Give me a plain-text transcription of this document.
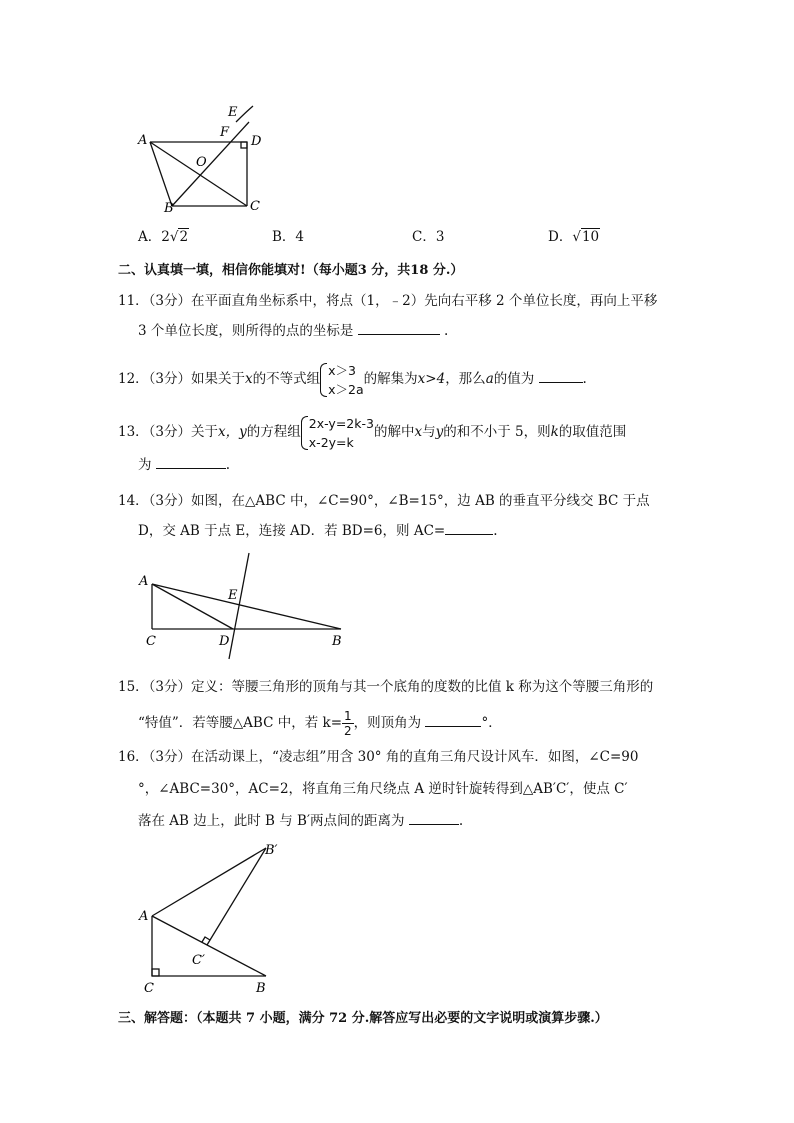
A
B	C
D
E
F
O
A．2√2	B．4	C．3	D．√10
二、认真填一填，相信你能填对!（每小题3 分，共18 分.）
11．（3分）在平面直角坐标系中，将点（1，﹣2）先向右平移 2 个单位长度，再向上平移
3 个单位长度，则所得的点的坐标是	.
12．（3分）如果关于x的不等式组
x＞3
x＞2a
的解集为x>4，那么a的值为	.
13．（3分）关于x，y的方程组
2x-y=2k-3
x-2y=k
的解中x与y的和不小于 5，则k的取值范围
为	.
14．（3分）如图，在△ABC 中，∠C=90°，∠B=15°，边 AB 的垂直平分线交 BC 于点
D，交 AB 于点 E，连接 AD．若 BD=6，则 AC=	.
A
C	D
E
B
15．（3分）定义：等腰三角形的顶角与其一个底角的度数的比值 k 称为这个等腰三角形的
“特值”．若等腰△ABC 中，若 $k= \frac{1}{2}$ ，则顶角为	°．
16．（3分）在活动课上，“凌志组”用含 30° 角的直角三角尺设计风车．如图，∠C=90
°，∠ABC=30°，AC=2，将直角三角尺绕点 A 逆时针旋转得到△AB′C′，使点 C′
落在 AB 边上，此时 B 与 B′两点间的距离为	.
B′
A
C′
C	B
三、解答题：（本题共 7 小题，满分 72 分.解答应写出必要的文字说明或演算步骤.）
